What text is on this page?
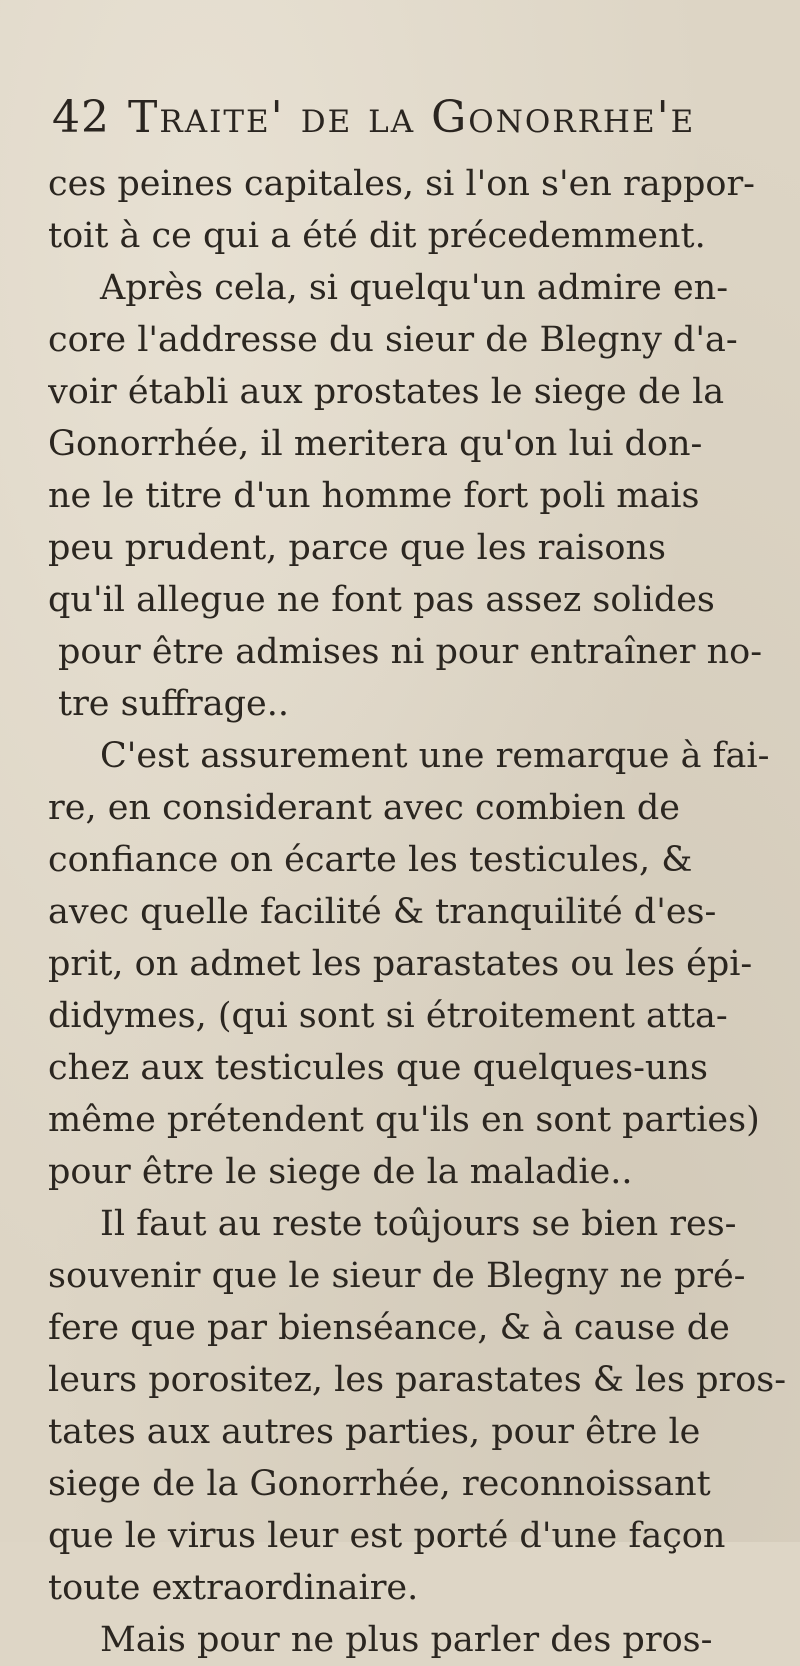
42 Traite' de la Gonorrhe'e
ces peines capitales, si l'on s'en rappor-
toit à ce qui a été dit précedemment.
Après cela, si quelqu'un admire en-
core l'addresse du sieur de Blegny d'a-
voir établi aux prostates le siege de la
Gonorrhée, il meritera qu'on lui don-
ne le titre d'un homme fort poli mais
peu prudent, parce que les raisons
qu'il allegue ne font pas assez solides
pour être admises ni pour entraîner no-
tre suffrage..
C'est assurement une remarque à fai-
re, en considerant avec combien de
confiance on écarte les testicules, &
avec quelle facilité & tranquilité d'es-
prit, on admet les parastates ou les épi-
didymes, (qui sont si étroitement atta-
chez aux testicules que quelques-uns
même prétendent qu'ils en sont parties)
pour être le siege de la maladie..
Il faut au reste toûjours se bien res-
souvenir que le sieur de Blegny ne pré-
fere que par bienséance, & à cause de
leurs porositez, les parastates & les pros-
tates aux autres parties, pour être le
siege de la Gonorrhée, reconnoissant
que le virus leur est porté d'une façon
toute extraordinaire.
Mais pour ne plus parler des pros-
